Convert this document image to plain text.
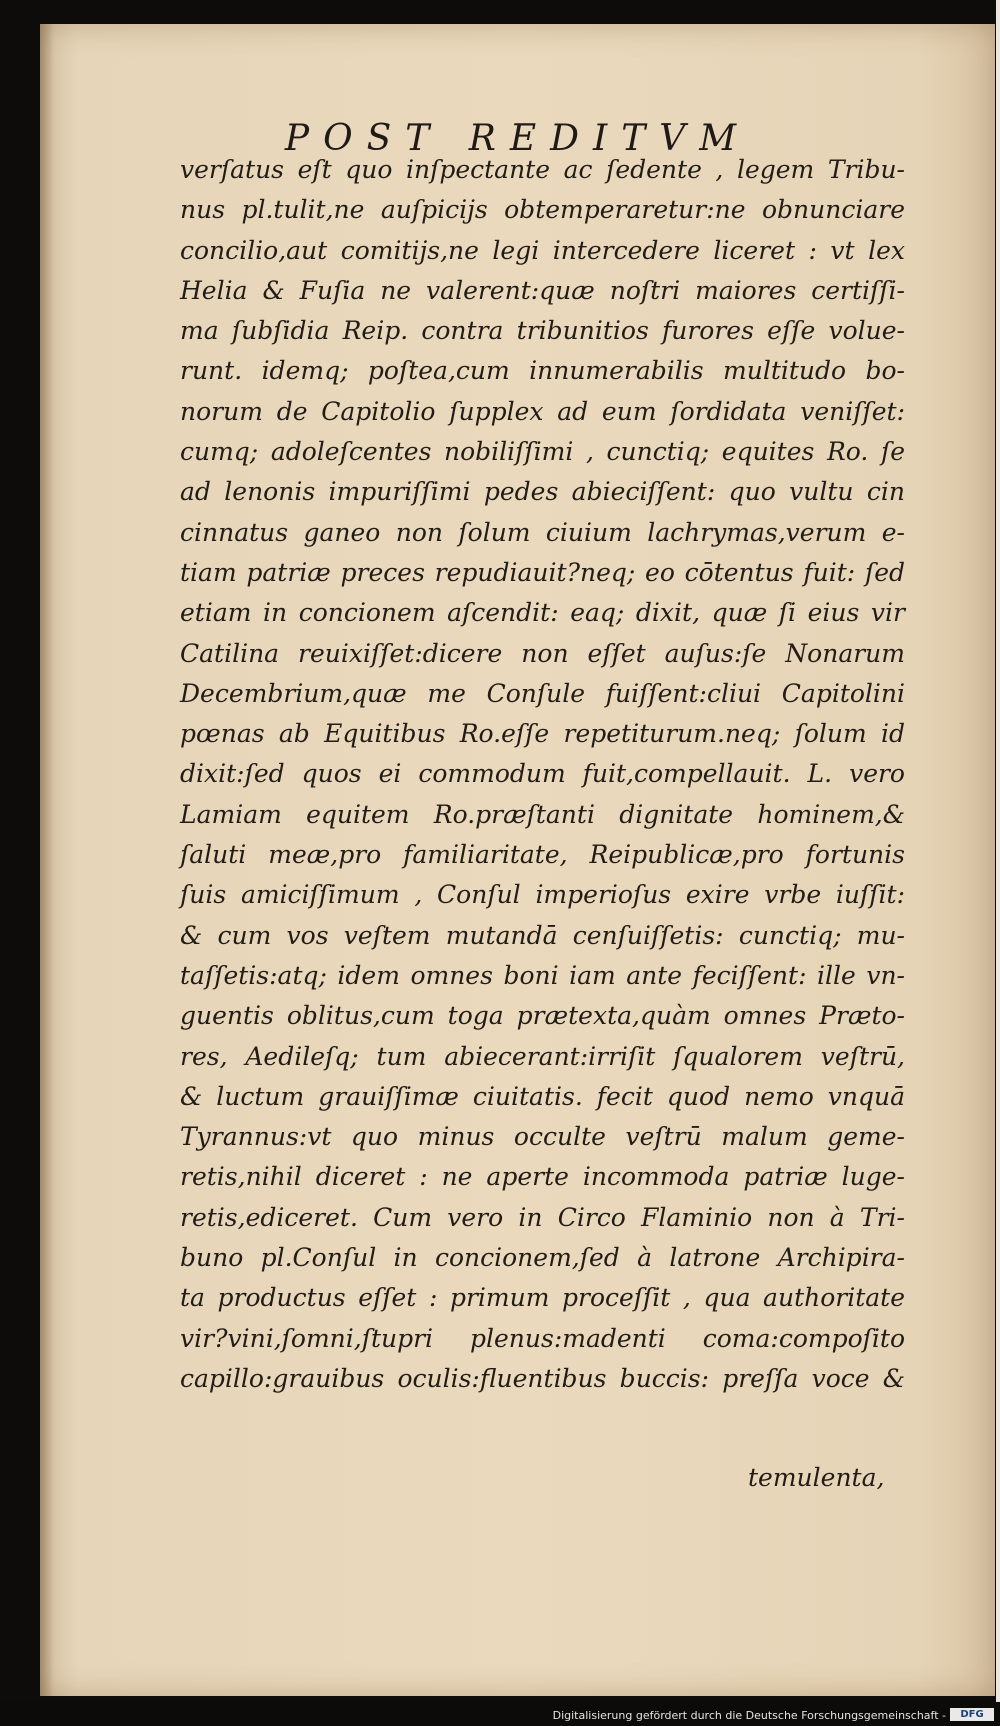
POST REDITVM
verſatus eſt quo inſpectante ac ſedente , legem Tribu-
nus pl.tulit,ne auſpicijs obtemperaretur:ne obnunciare
concilio,aut comitijs,ne legi intercedere liceret : vt lex
Helia & Fuſia ne valerent:quæ noſtri maiores certiſſi-
ma ſubſidia Reip. contra tribunitios furores eſſe volue-
runt. idemq; poſtea,cum innumerabilis multitudo bo-
norum de Capitolio ſupplex ad eum ſordidata veniſſet:
cumq; adoleſcentes nobiliſſimi , cunctiq; equites Ro. ſe
ad lenonis impuriſſimi pedes abieciſſent: quo vultu cin
cinnatus ganeo non ſolum ciuium lachrymas,verum e-
tiam patriæ preces repudiauit?neq; eo cōtentus fuit: ſed
etiam in concionem aſcendit: eaq; dixit, quæ ſi eius vir
Catilina reuixiſſet:dicere non eſſet auſus:ſe Nonarum
Decembrium,quæ me Conſule fuiſſent:cliui Capitolini
pœnas ab Equitibus Ro.eſſe repetiturum.neq; ſolum id
dixit:ſed quos ei commodum fuit,compellauit. L. vero
Lamiam equitem Ro.præſtanti dignitate hominem,&
ſaluti meæ,pro familiaritate, Reipublicæ,pro fortunis
ſuis amiciſſimum , Conſul imperioſus exire vrbe iuſſit:
& cum vos veſtem mutandā cenſuiſſetis: cunctiq; mu-
taſſetis:atq; idem omnes boni iam ante feciſſent: ille vn-
guentis oblitus,cum toga prætexta,quàm omnes Prætо-
res, Aedileſq; tum abiecerant:irriſit ſqualorem veſtrū,
& luctum grauiſſimæ ciuitatis. fecit quod nemo vnquā
Tyrannus:vt quo minus occulte veſtrū malum geme-
retis,nihil diceret : ne aperte incommoda patriæ luge-
retis,ediceret. Cum vero in Circo Flaminio non à Tri-
buno pl.Conſul in concionem,ſed à latrone Archipira-
ta productus eſſet : primum proceſſit , qua authoritate
vir?vini,ſomni,ſtupri plenus:madenti coma:compoſito
capillo:grauibus oculis:fluentibus buccis: preſſa voce &
temulenta,
Digitalisierung gefördert durch die Deutsche Forschungsgemeinschaft -	DFG
